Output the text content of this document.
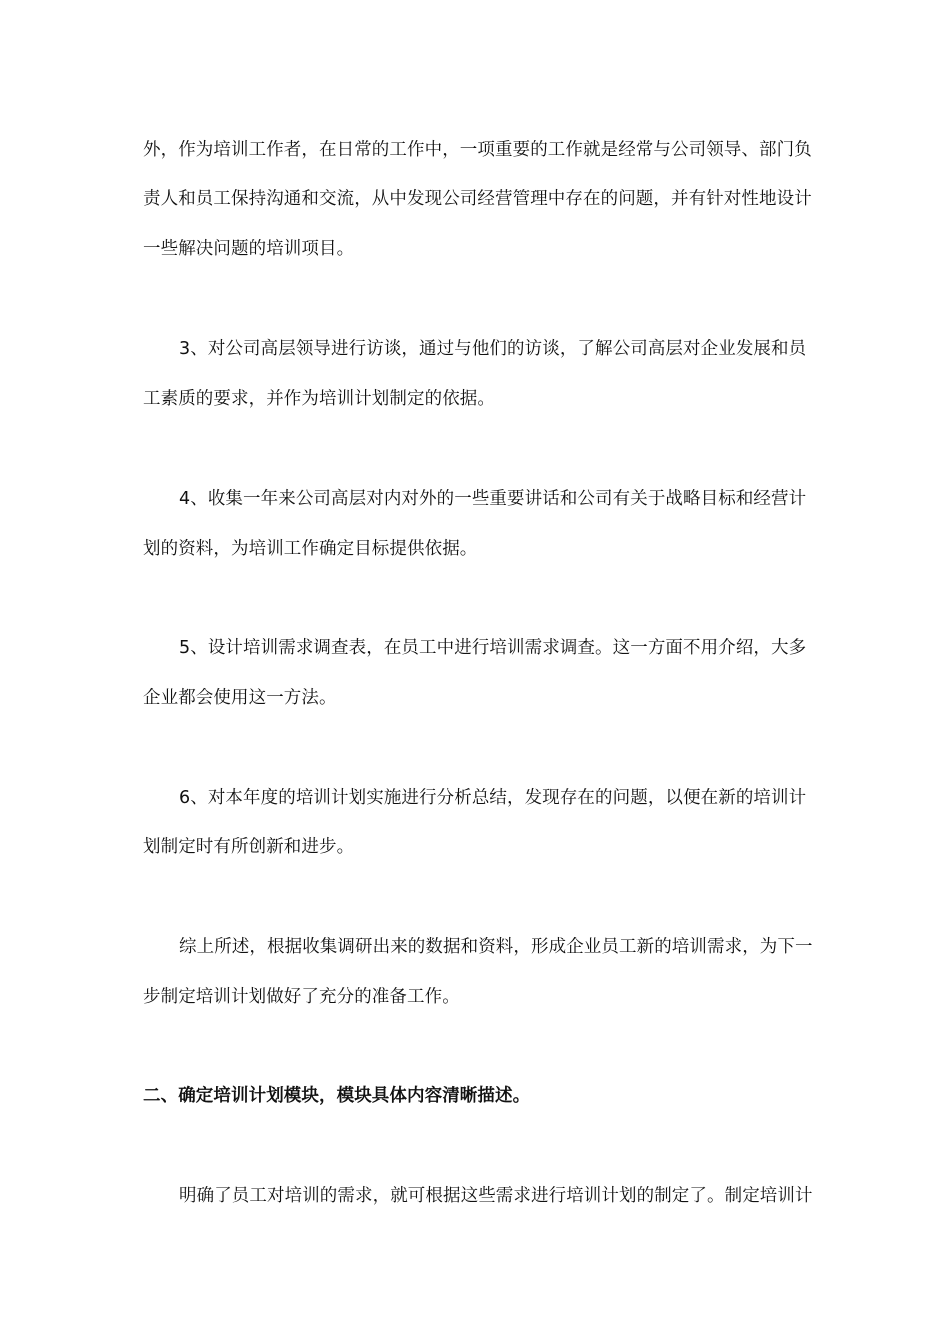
外，作为培训工作者，在日常的工作中，一项重要的工作就是经常与公司领导、部门负
责人和员工保持沟通和交流，从中发现公司经营管理中存在的问题，并有针对性地设计
一些解决问题的培训项目。
3、对公司高层领导进行访谈，通过与他们的访谈，了解公司高层对企业发展和员
工素质的要求，并作为培训计划制定的依据。
4、收集一年来公司高层对内对外的一些重要讲话和公司有关于战略目标和经营计
划的资料，为培训工作确定目标提供依据。
5、设计培训需求调查表，在员工中进行培训需求调查。这一方面不用介绍，大多
企业都会使用这一方法。
6、对本年度的培训计划实施进行分析总结，发现存在的问题，以便在新的培训计
划制定时有所创新和进步。
综上所述，根据收集调研出来的数据和资料，形成企业员工新的培训需求，为下一
步制定培训计划做好了充分的准备工作。
二、确定培训计划模块，模块具体内容清晰描述。
明确了员工对培训的需求，就可根据这些需求进行培训计划的制定了。制定培训计
